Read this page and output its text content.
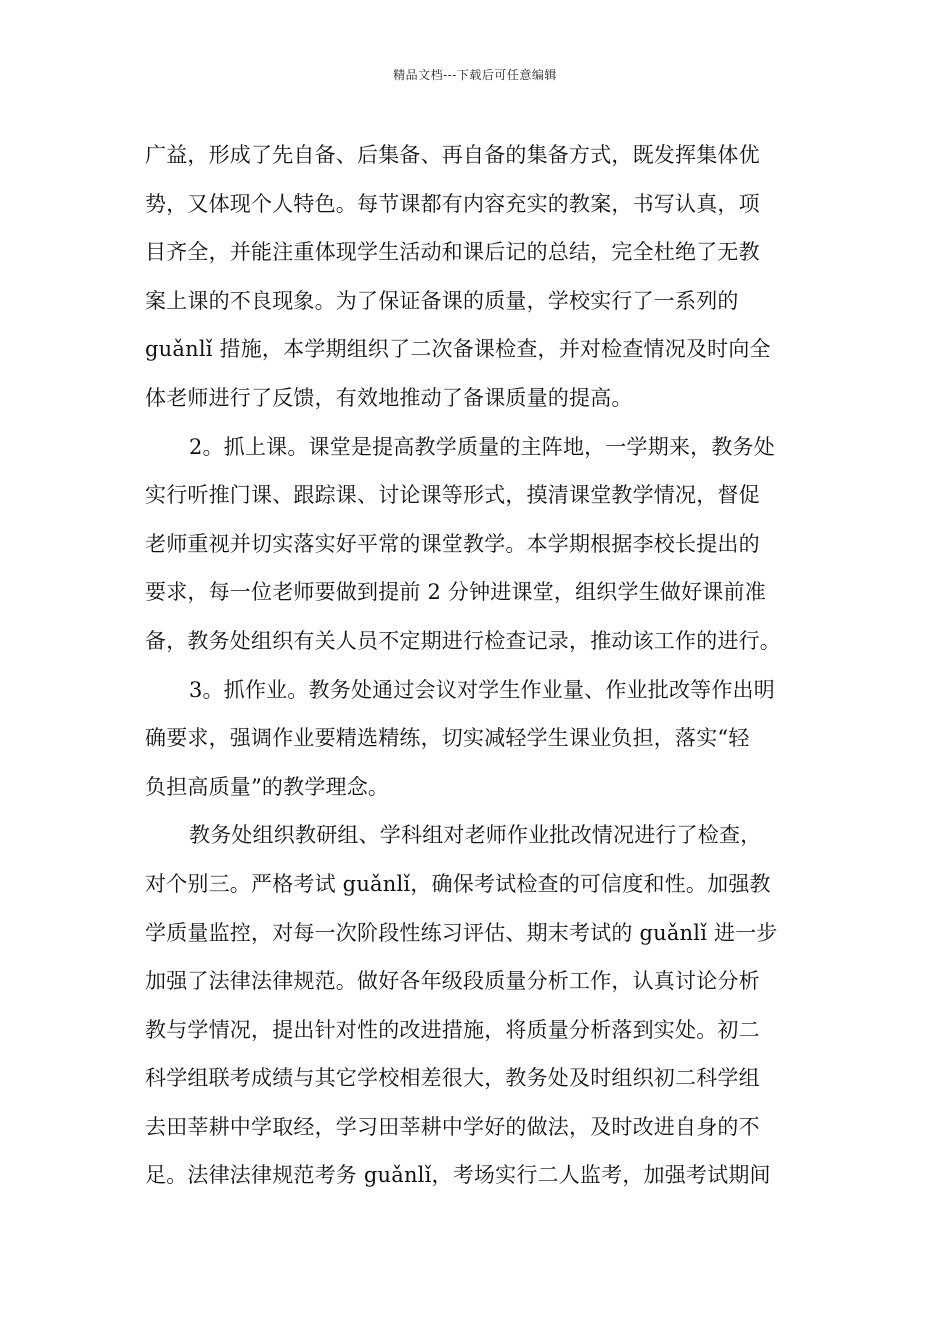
精品文档---下载后可任意编辑
广益，形成了先自备、后集备、再自备的集备方式，既发挥集体优
势，又体现个人特色。每节课都有内容充实的教案，书写认真，项
目齐全，并能注重体现学生活动和课后记的总结，完全杜绝了无教
案上课的不良现象。为了保证备课的质量，学校实行了一系列的
guǎnlǐ 措施，本学期组织了二次备课检查，并对检查情况及时向全
体老师进行了反馈，有效地推动了备课质量的提高。
2。抓上课。课堂是提高教学质量的主阵地，一学期来，教务处
实行听推门课、跟踪课、讨论课等形式，摸清课堂教学情况，督促
老师重视并切实落实好平常的课堂教学。本学期根据李校长提出的
要求，每一位老师要做到提前 2 分钟进课堂，组织学生做好课前准
备，教务处组织有关人员不定期进行检查记录，推动该工作的进行。
3。抓作业。教务处通过会议对学生作业量、作业批改等作出明
确要求，强调作业要精选精练，切实减轻学生课业负担，落实“轻
负担高质量”的教学理念。
教务处组织教研组、学科组对老师作业批改情况进行了检查，
对个别三。严格考试 guǎnlǐ，确保考试检查的可信度和性。加强教
学质量监控，对每一次阶段性练习评估、期末考试的 guǎnlǐ 进一步
加强了法律法律规范。做好各年级段质量分析工作，认真讨论分析
教与学情况，提出针对性的改进措施，将质量分析落到实处。初二
科学组联考成绩与其它学校相差很大，教务处及时组织初二科学组
去田莘耕中学取经，学习田莘耕中学好的做法，及时改进自身的不
足。法律法律规范考务 guǎnlǐ，考场实行二人监考，加强考试期间
